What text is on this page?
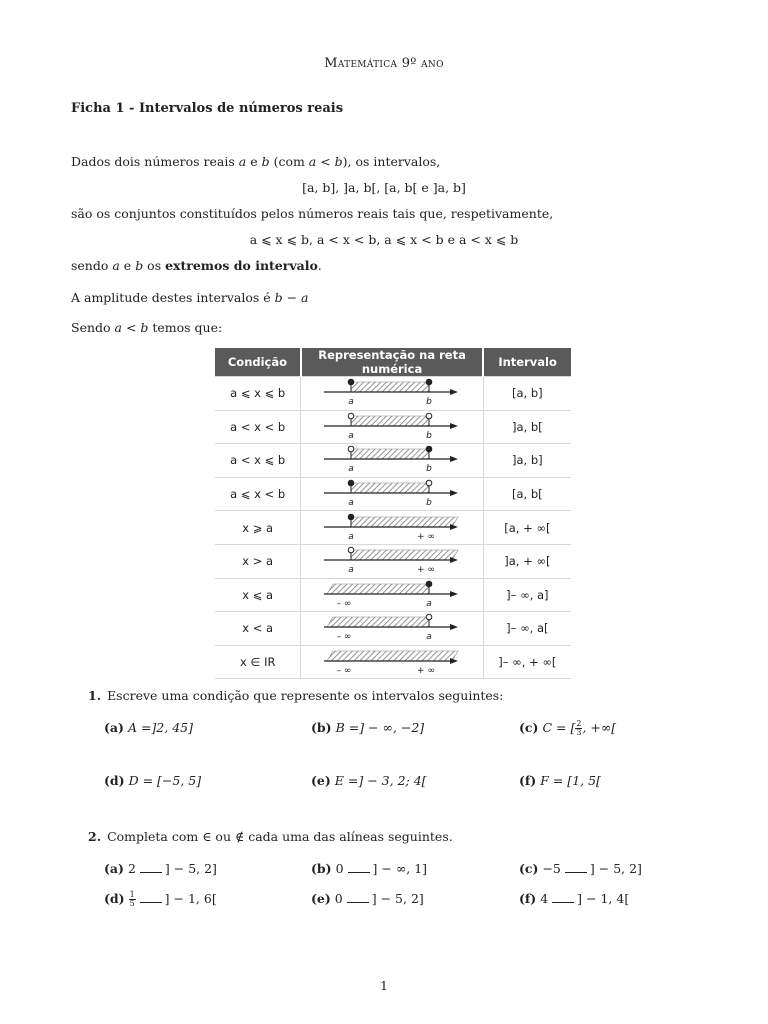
Matemática 9º ano
Ficha 1 - Intervalos de números reais
Dados dois números reais a e b (com a < b), os intervalos,
[a, b], ]a, b[, [a, b[ e ]a, b]
são os conjuntos constituídos pelos números reais tais que, respetivamente,
a ⩽ x ⩽ b, a < x < b, a ⩽ x < b e a < x ⩽ b
sendo a e b os extremos do intervalo.
A amplitude destes intervalos é b − a
Sendo a < b temos que:
Condição	Representação na reta numérica	Intervalo
a ⩽ x ⩽ b	a b	[a, b]
a < x < b	a b	]a, b[
a < x ⩽ b	a b	]a, b]
a ⩽ x < b	a b	[a, b[
x ⩾ a	a + ∞	[a, + ∞[
x > a	a + ∞	]a, + ∞[
x ⩽ a	– ∞ a	]– ∞, a]
x < a	– ∞ a	]– ∞, a[
x ∈ IR	– ∞ + ∞	]– ∞, + ∞[
1. Escreve uma condição que represente os intervalos seguintes:
(a) A =]2, 45]	(b) B =] − ∞, −2]	(c) C = [ $\frac{2}{3}$ , +∞[
(d) D = [−5, 5]	(e) E =] − 3, 2; 4[	(f) F = [1, 5[
2. Completa com ∈ ou ∉ cada uma das alíneas seguintes.
(a) 2 ] − 5, 2]	(b) 0 ] − ∞, 1]	(c) −5 ] − 5, 2]
$(d) \frac{1}{5}$ ] − 1, 6[	(e) 0 ] − 5, 2]	(f) 4 ] − 1, 4[
1
